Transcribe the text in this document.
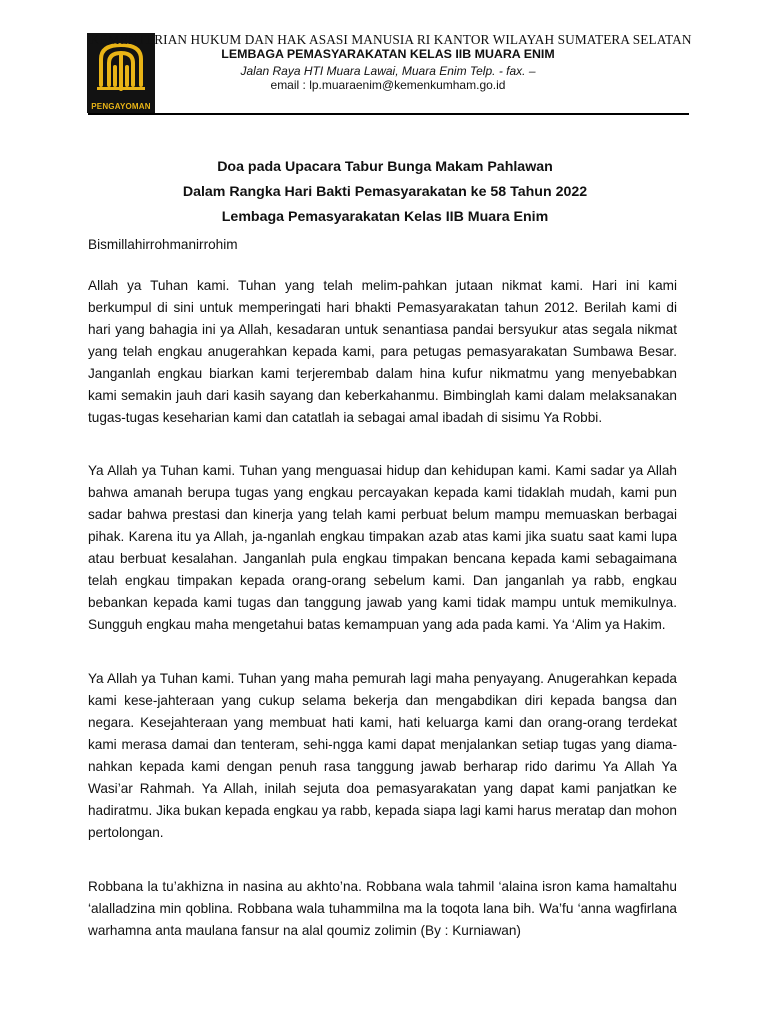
PENGAYOMAN
KEMENTERIAN HUKUM DAN HAK ASASI MANUSIA RI KANTOR WILAYAH SUMATERA SELATAN
LEMBAGA PEMASYARAKATAN KELAS IIB MUARA ENIM
Jalan Raya HTI Muara Lawai, Muara Enim Telp. - fax. –
email : lp.muaraenim@kemenkumham.go.id
Doa pada Upacara Tabur Bunga Makam Pahlawan
Dalam Rangka Hari Bakti Pemasyarakatan ke 58 Tahun 2022
Lembaga Pemasyarakatan Kelas IIB Muara Enim
Bismillahirrohmanirrohim
Allah ya Tuhan kami. Tuhan yang telah melim-pahkan jutaan nikmat kami. Hari ini kami berkumpul di sini untuk memperingati hari bhakti Pemasyarakatan tahun 2012. Berilah kami di hari yang bahagia ini ya Allah, kesadaran untuk senantiasa pandai bersyukur atas segala nikmat yang telah engkau anugerahkan kepada kami, para petugas pemasyarakatan Sumbawa Besar. Janganlah engkau biarkan kami terjerembab dalam hina kufur nikmatmu yang menyebabkan kami semakin jauh dari kasih sayang dan keberkahanmu. Bimbinglah kami dalam melaksanakan tugas-tugas keseharian kami dan catatlah ia sebagai amal ibadah di sisimu Ya Robbi.
Ya Allah ya Tuhan kami. Tuhan yang menguasai hidup dan kehidupan kami. Kami sadar ya Allah bahwa amanah berupa tugas yang engkau percayakan kepada kami tidaklah mudah, kami pun sadar bahwa prestasi dan kinerja yang telah kami perbuat belum mampu memuaskan berbagai pihak. Karena itu ya Allah, ja-nganlah engkau timpakan azab atas kami jika suatu saat kami lupa atau berbuat kesalahan. Janganlah pula engkau timpakan bencana kepada kami sebagaimana telah engkau timpakan kepada orang-orang sebelum kami. Dan janganlah ya rabb, engkau bebankan kepada kami tugas dan tanggung jawab yang kami tidak mampu untuk memikulnya. Sungguh engkau maha mengetahui batas kemampuan yang ada pada kami. Ya ‘Alim ya Hakim.
Ya Allah ya Tuhan kami. Tuhan yang maha pemurah lagi maha penyayang. Anugerahkan kepada kami kese-jahteraan yang cukup selama bekerja dan mengabdikan diri kepada bangsa dan negara. Kesejahteraan yang membuat hati kami, hati keluarga kami dan orang-orang terdekat kami merasa damai dan tenteram, sehi-ngga kami dapat menjalankan setiap tugas yang diama-nahkan kepada kami dengan penuh rasa tanggung jawab berharap rido darimu Ya Allah Ya Wasi’ar Rahmah. Ya Allah, inilah sejuta doa pemasyarakatan yang dapat kami panjatkan ke hadiratmu. Jika bukan kepada engkau ya rabb, kepada siapa lagi kami harus meratap dan mohon pertolongan.
Robbana la tu’akhizna in nasina au akhto’na. Robbana wala tahmil ‘alaina isron kama hamaltahu ‘alalladzina min qoblina. Robbana wala tuhammilna ma la toqota lana bih. Wa’fu ‘anna wagfirlana warhamna anta maulana fansur na alal qoumiz zolimin (By : Kurniawan)
